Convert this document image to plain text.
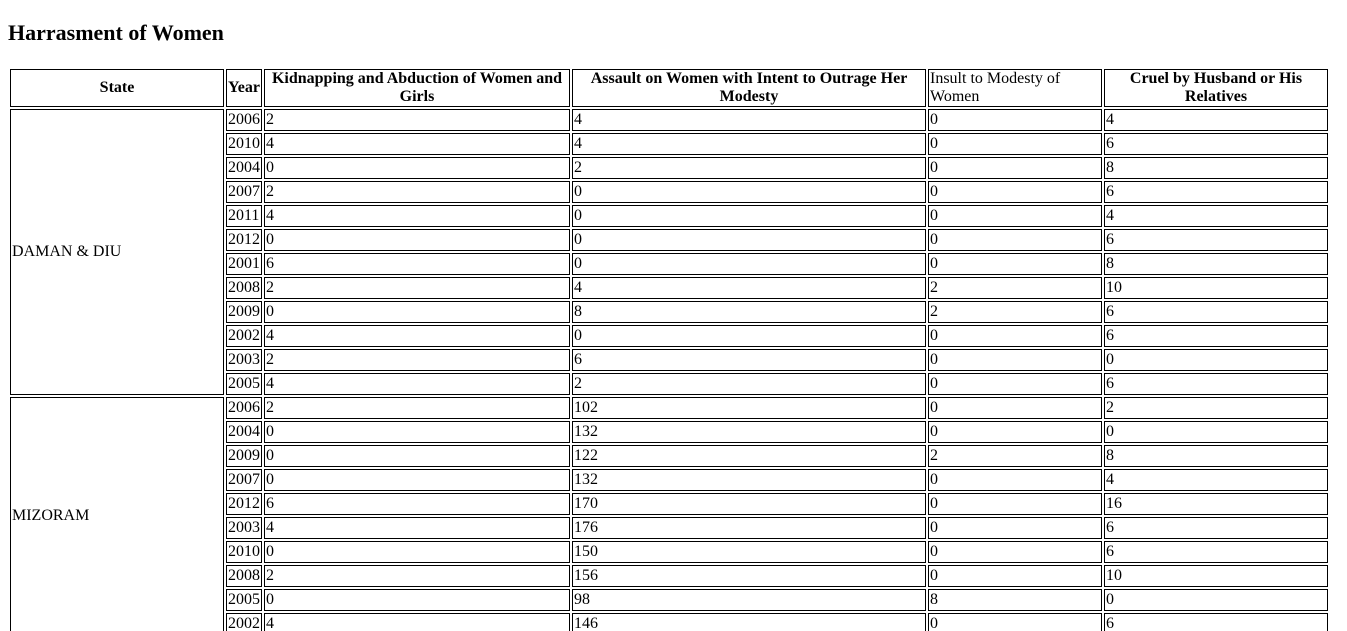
Harrasment of Women
State	Year	Kidnapping and Abduction of Women and Girls	Assault on Women with Intent to Outrage Her Modesty	Insult to Modesty of Women	Cruel by Husband or His Relatives
DAMAN & DIU	2006	2	4	0	4
	2010	4	4	0	6
	2004	0	2	0	8
	2007	2	0	0	6
	2011	4	0	0	4
	2012	0	0	0	6
	2001	6	0	0	8
	2008	2	4	2	10
	2009	0	8	2	6
	2002	4	0	0	6
	2003	2	6	0	0
	2005	4	2	0	6
MIZORAM	2006	2	102	0	2
	2004	0	132	0	0
	2009	0	122	2	8
	2007	0	132	0	4
	2012	6	170	0	16
	2003	4	176	0	6
	2010	0	150	0	6
	2008	2	156	0	10
	2005	0	98	8	0
	2002	4	146	0	6
